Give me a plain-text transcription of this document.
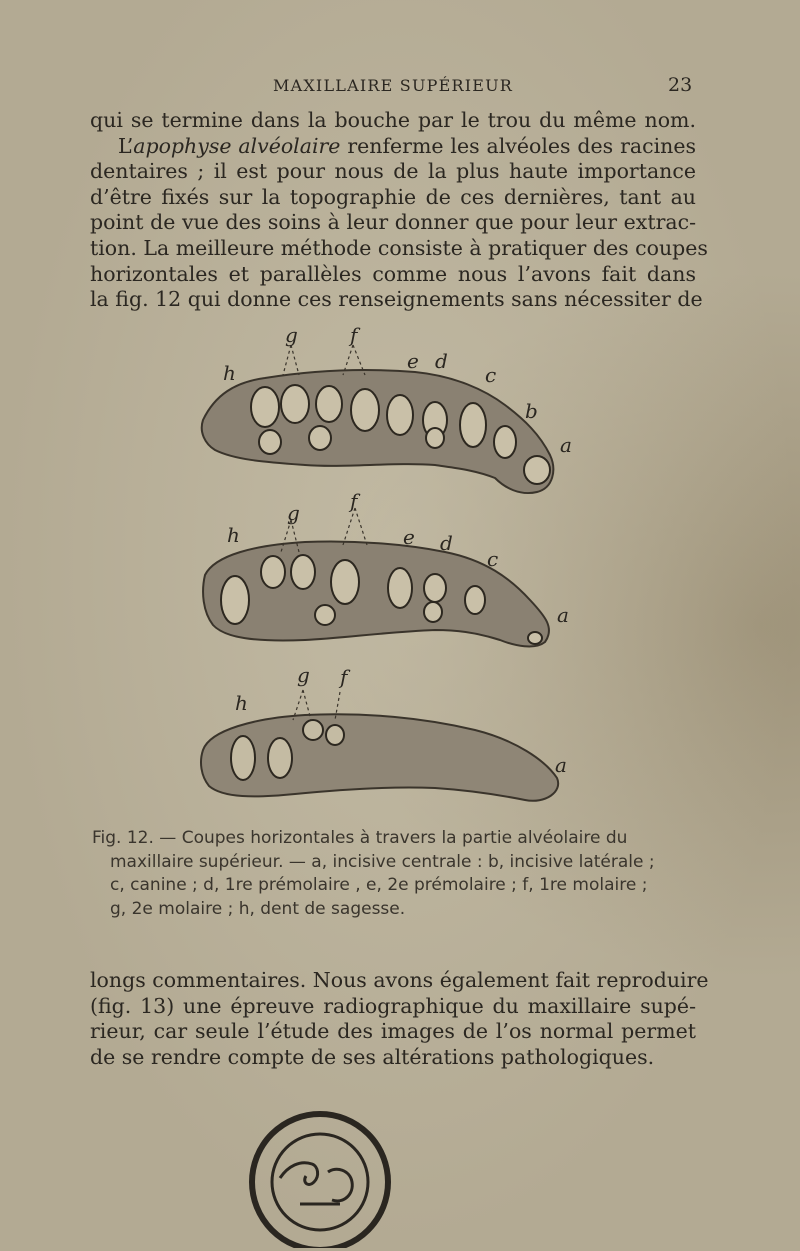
MAXILLAIRE SUPÉRIEUR	23
qui se termine dans la bouche par le trou du même nom.
L’apophyse alvéolaire renferme les alvéoles des racines
dentaires ; il est pour nous de la plus haute importance
d’être fixés sur la topographie de ces dernières, tant au
point de vue des soins à leur donner que pour leur extrac-
tion. La meilleure méthode consiste à pratiquer des coupes
horizontales et parallèles comme nous l’avons fait dans
la fig. 12 qui donne ces renseignements sans nécessiter de
g	f
h	e d
c
b
a
g	f
h	e d
c
a
g f
h
a
Fig. 12. — Coupes horizontales à travers la partie alvéolaire du
maxillaire supérieur. — a, incisive centrale : b, incisive latérale ;
c, canine ; d, 1re prémolaire , e, 2e prémolaire ; f, 1re molaire ;
g, 2e molaire ; h, dent de sagesse.
longs commentaires. Nous avons également fait reproduire
(fig. 13) une épreuve radiographique du maxillaire supé-
rieur, car seule l’étude des images de l’os normal permet
de se rendre compte de ses altérations pathologiques.
